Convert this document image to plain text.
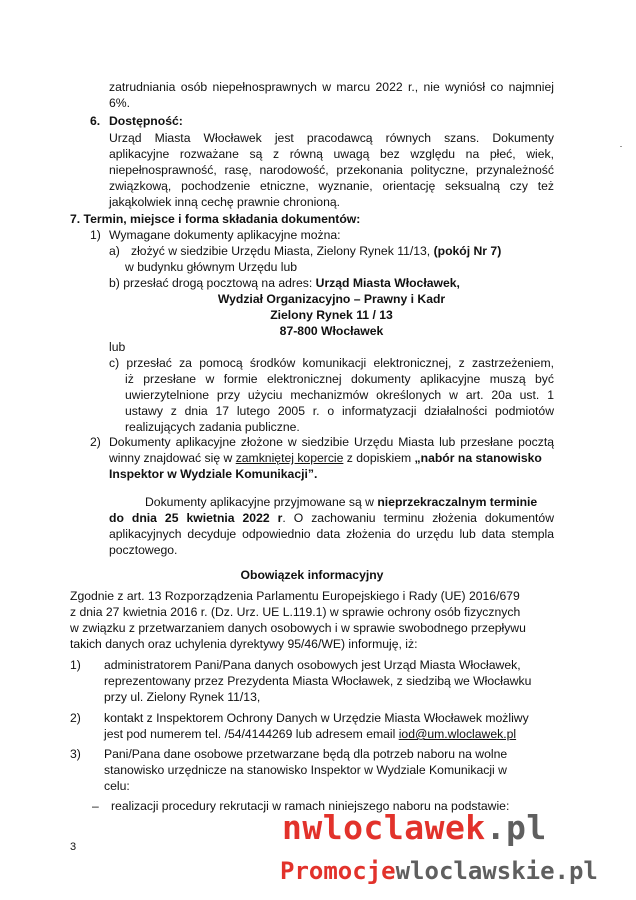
zatrudniania osób niepełnosprawnych w marcu 2022 r., nie wyniósł co najmniej
6%.
6. Dostępność:
Urząd Miasta Włocławek jest pracodawcą równych szans. Dokumenty
aplikacyjne rozważane są z równą uwagą bez względu na płeć, wiek,
niepełnosprawność, rasę, narodowość, przekonania polityczne, przynależność
związkową, pochodzenie etniczne, wyznanie, orientację seksualną czy też
jakąkolwiek inną cechę prawnie chronioną.
7. Termin, miejsce i forma składania dokumentów:
1) Wymagane dokumenty aplikacyjne można:
a) złożyć w siedzibie Urzędu Miasta, Zielony Rynek 11/13, (pokój Nr 7)
w budynku głównym Urzędu lub
b) przesłać drogą pocztową na adres: Urząd Miasta Włocławek,
Wydział Organizacyjno – Prawny i Kadr
Zielony Rynek 11 / 13
87-800 Włocławek
lub
c) przesłać za pomocą środków komunikacji elektronicznej, z zastrzeżeniem,
iż przesłane w formie elektronicznej dokumenty aplikacyjne muszą być
uwierzytelnione przy użyciu mechanizmów określonych w art. 20a ust. 1
ustawy z dnia 17 lutego 2005 r. o informatyzacji działalności podmiotów
realizujących zadania publiczne.
2) Dokumenty aplikacyjne złożone w siedzibie Urzędu Miasta lub przesłane pocztą
winny znajdować się w zamkniętej kopercie z dopiskiem „nabór na stanowisko
Inspektor w Wydziale Komunikacji”.
Dokumenty aplikacyjne przyjmowane są w nieprzekraczalnym terminie
do dnia 25 kwietnia 2022 r. O zachowaniu terminu złożenia dokumentów
aplikacyjnych decyduje odpowiednio data złożenia do urzędu lub data stempla
pocztowego.
Obowiązek informacyjny
Zgodnie z art. 13 Rozporządzenia Parlamentu Europejskiego i Rady (UE) 2016/679
z dnia 27 kwietnia 2016 r. (Dz. Urz. UE L.119.1) w sprawie ochrony osób fizycznych
w związku z przetwarzaniem danych osobowych i w sprawie swobodnego przepływu
takich danych oraz uchylenia dyrektywy 95/46/WE) informuję, iż:
1) administratorem Pani/Pana danych osobowych jest Urząd Miasta Włocławek,
reprezentowany przez Prezydenta Miasta Włocławek, z siedzibą we Włocławku
przy ul. Zielony Rynek 11/13,
2) kontakt z Inspektorem Ochrony Danych w Urzędzie Miasta Włocławek możliwy
jest pod numerem tel. /54/4144269 lub adresem email iod@um.wloclawek.pl
3) Pani/Pana dane osobowe przetwarzane będą dla potrzeb naboru na wolne
stanowisko urzędnicze na stanowisko Inspektor w Wydziale Komunikacji w
celu:
– realizacji procedury rekrutacji w ramach niniejszego naboru na podstawie:
3	nwloclawek.pl
Promocjewloclawskie.pl
